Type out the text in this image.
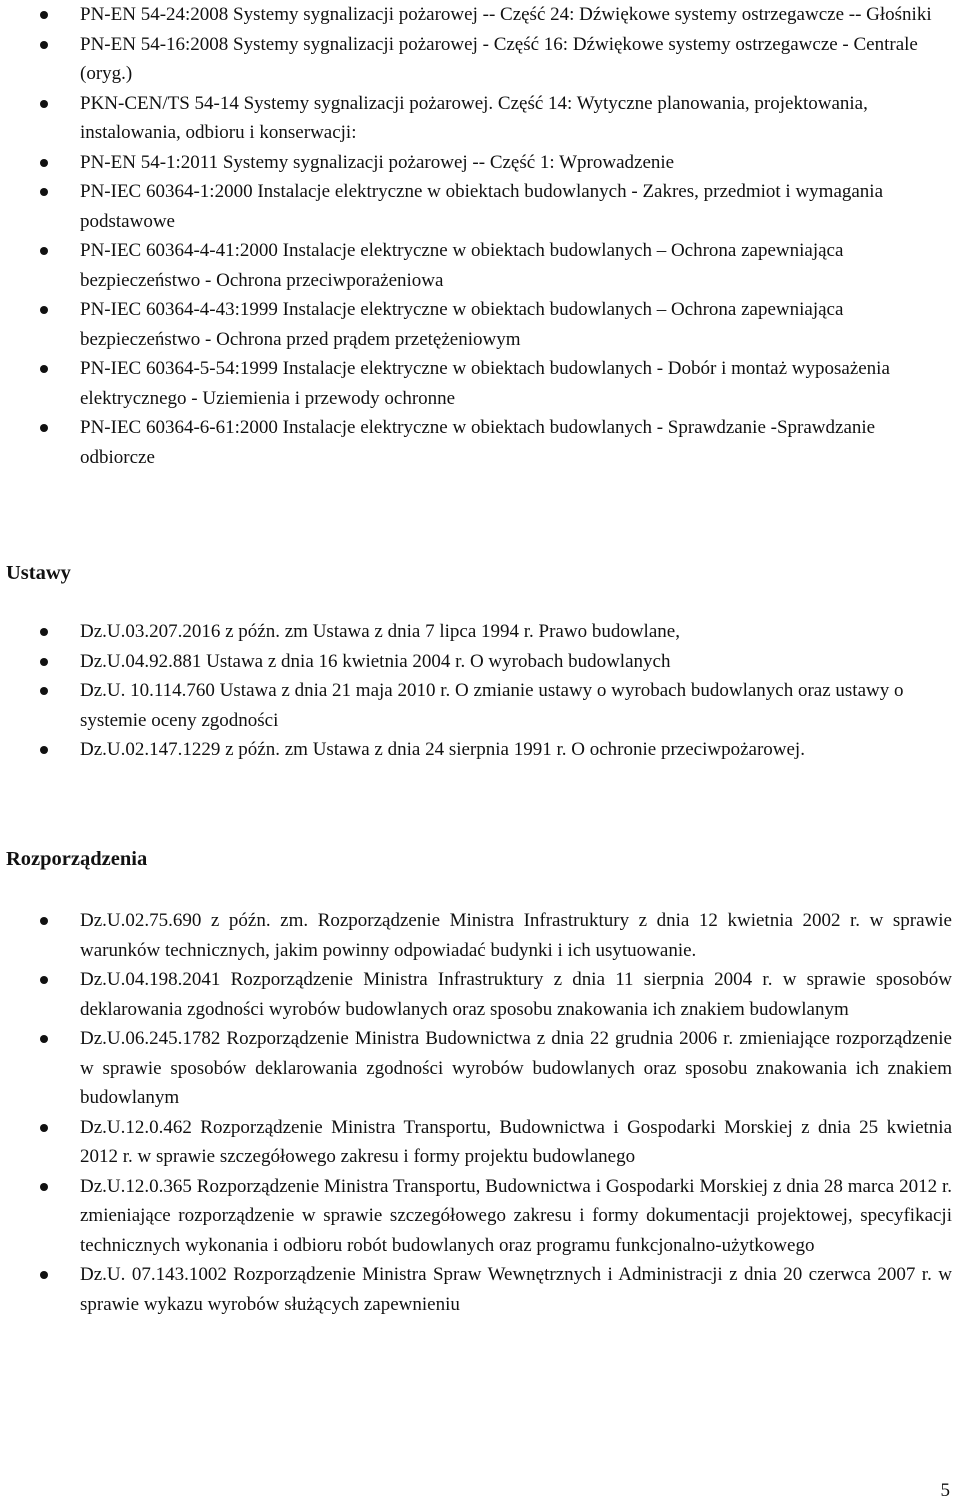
PN-EN 54-24:2008 Systemy sygnalizacji pożarowej -- Część 24: Dźwiękowe systemy ostrzegawcze -- Głośniki
PN-EN 54-16:2008 Systemy sygnalizacji pożarowej - Część 16: Dźwiękowe systemy ostrzegawcze - Centrale (oryg.)
PKN-CEN/TS 54-14 Systemy sygnalizacji pożarowej. Część 14: Wytyczne planowania, projektowania, instalowania, odbioru i konserwacji:
PN-EN 54-1:2011 Systemy sygnalizacji pożarowej -- Część 1: Wprowadzenie
PN-IEC 60364-1:2000 Instalacje elektryczne w obiektach budowlanych - Zakres, przedmiot i wymagania podstawowe
PN-IEC 60364-4-41:2000 Instalacje elektryczne w obiektach budowlanych – Ochrona zapewniająca bezpieczeństwo - Ochrona przeciwporażeniowa
PN-IEC 60364-4-43:1999 Instalacje elektryczne w obiektach budowlanych – Ochrona zapewniająca bezpieczeństwo - Ochrona przed prądem przetężeniowym
PN-IEC 60364-5-54:1999 Instalacje elektryczne w obiektach budowlanych - Dobór i montaż wyposażenia elektrycznego - Uziemienia i przewody ochronne
PN-IEC 60364-6-61:2000 Instalacje elektryczne w obiektach budowlanych - Sprawdzanie -Sprawdzanie odbiorcze
Ustawy
Dz.U.03.207.2016 z późn. zm Ustawa z dnia 7 lipca 1994 r. Prawo budowlane,
Dz.U.04.92.881 Ustawa z dnia 16 kwietnia 2004 r. O wyrobach budowlanych
Dz.U. 10.114.760 Ustawa z dnia 21 maja 2010 r. O zmianie ustawy o wyrobach budowlanych oraz ustawy o systemie oceny zgodności
Dz.U.02.147.1229 z późn. zm Ustawa z dnia 24 sierpnia 1991 r. O ochronie przeciwpożarowej.
Rozporządzenia
Dz.U.02.75.690 z późn. zm. Rozporządzenie Ministra Infrastruktury z dnia 12 kwietnia 2002 r. w sprawie warunków technicznych, jakim powinny odpowiadać budynki i ich usytuowanie.
Dz.U.04.198.2041 Rozporządzenie Ministra Infrastruktury z dnia 11 sierpnia 2004 r. w sprawie sposobów deklarowania zgodności wyrobów budowlanych oraz sposobu znakowania ich znakiem budowlanym
Dz.U.06.245.1782 Rozporządzenie Ministra Budownictwa z dnia 22 grudnia 2006 r. zmieniające rozporządzenie w sprawie sposobów deklarowania zgodności wyrobów budowlanych oraz sposobu znakowania ich znakiem budowlanym
Dz.U.12.0.462 Rozporządzenie Ministra Transportu, Budownictwa i Gospodarki Morskiej z dnia 25 kwietnia 2012 r. w sprawie szczegółowego zakresu i formy projektu budowlanego
Dz.U.12.0.365 Rozporządzenie Ministra Transportu, Budownictwa i Gospodarki Morskiej z dnia 28 marca 2012 r. zmieniające rozporządzenie w sprawie szczegółowego zakresu i formy dokumentacji projektowej, specyfikacji technicznych wykonania i odbioru robót budowlanych oraz programu funkcjonalno-użytkowego
Dz.U. 07.143.1002 Rozporządzenie Ministra Spraw Wewnętrznych i Administracji z dnia 20 czerwca 2007 r. w sprawie wykazu wyrobów służących zapewnieniu
5
